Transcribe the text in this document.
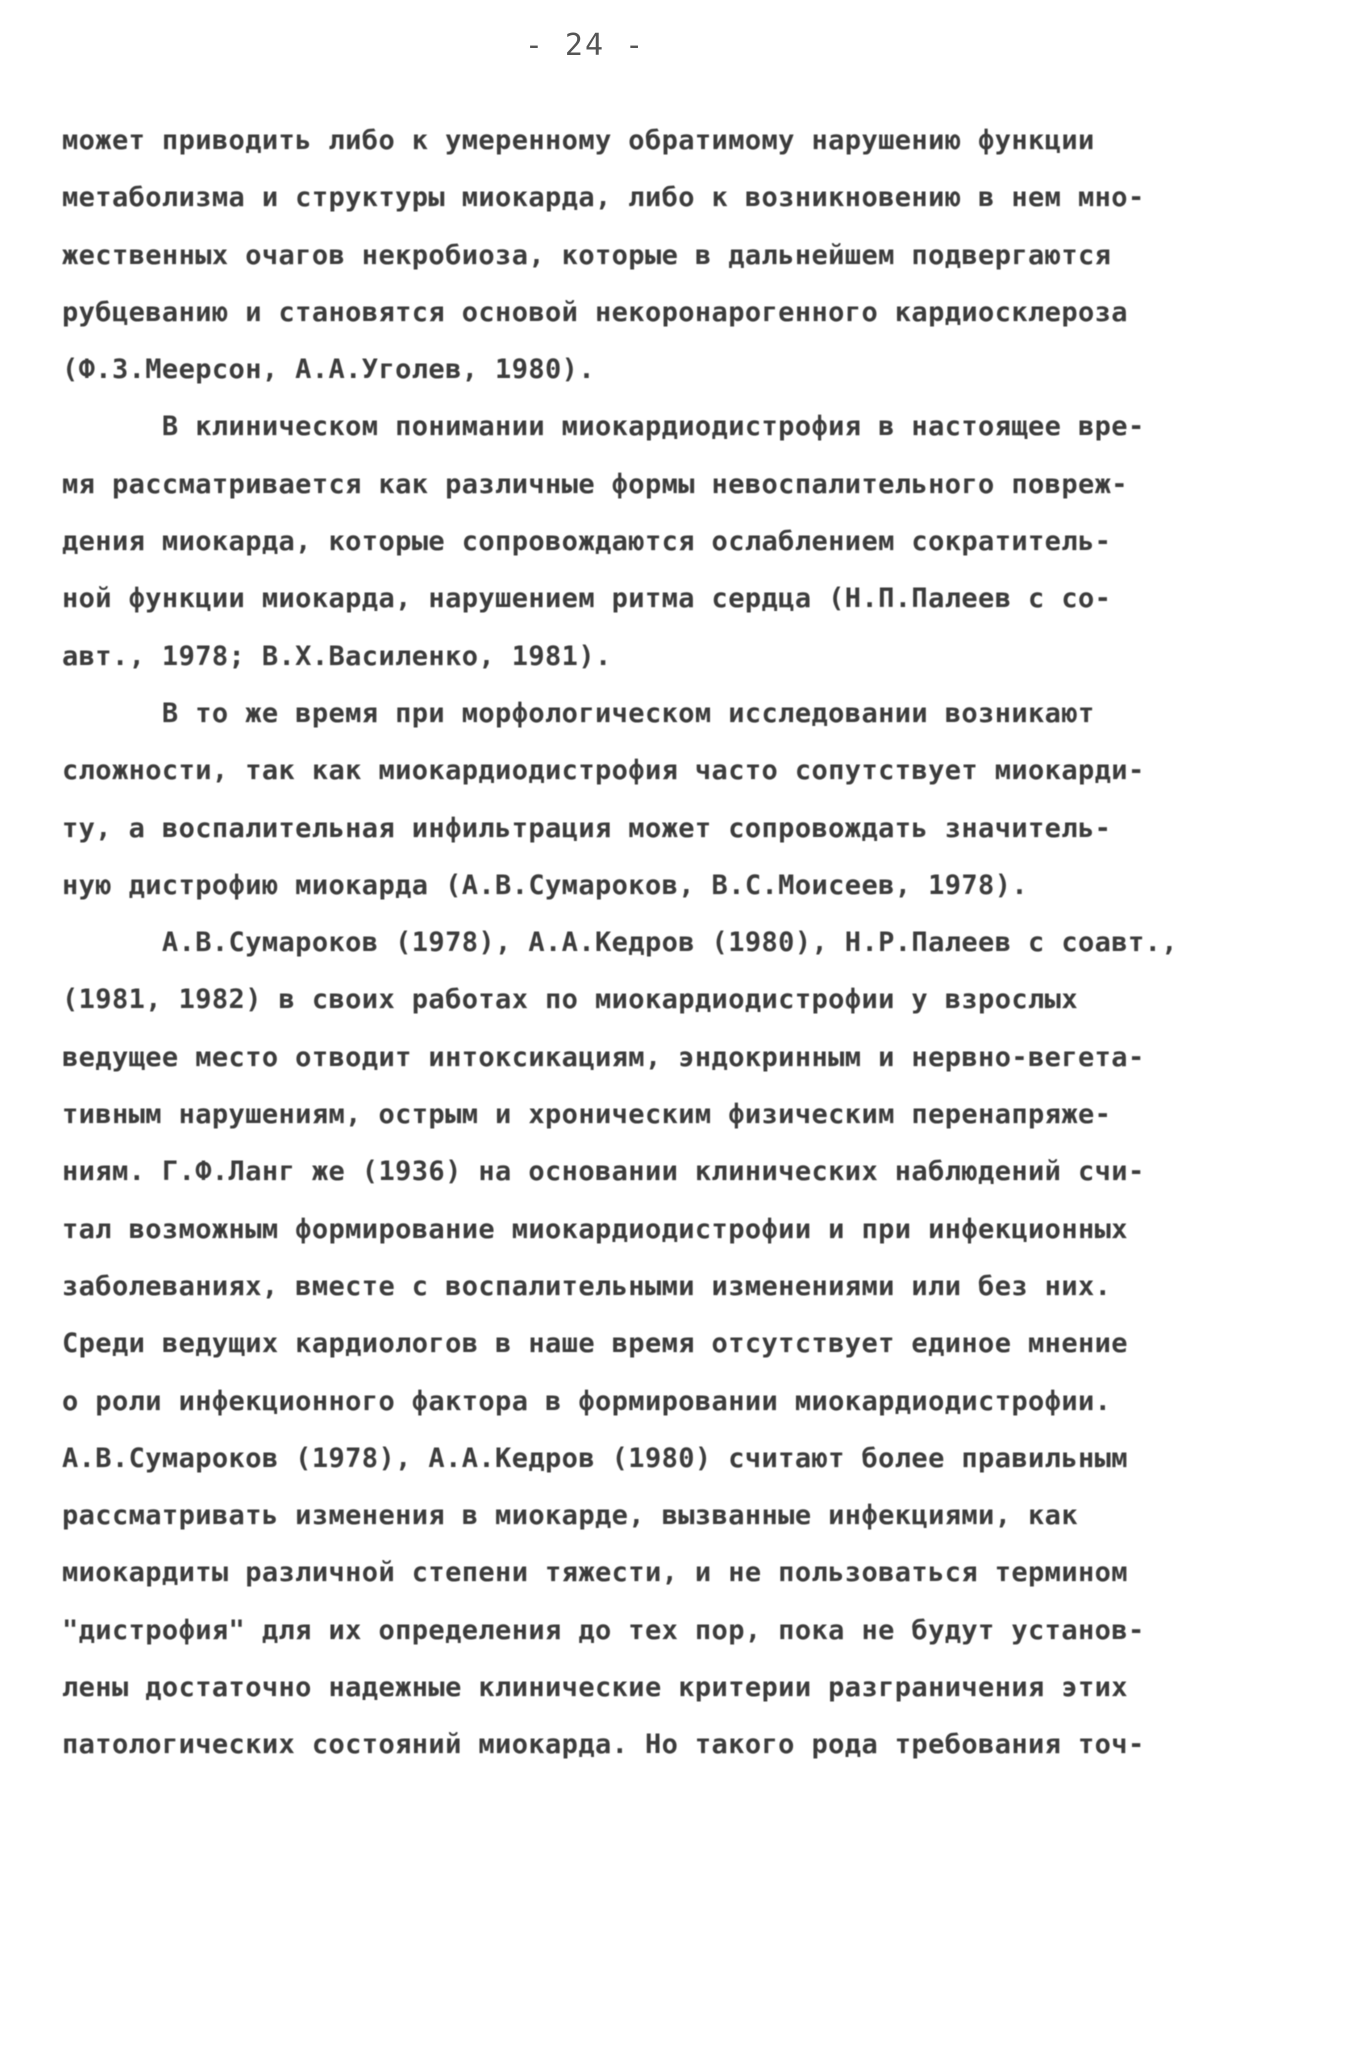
- 24 -
может приводить либо к умеренному обратимому нарушению функции
метаболизма и структуры миокарда, либо к возникновению в нем мно-
жественных очагов некробиоза, которые в дальнейшем подвергаются
рубцеванию и становятся основой некоронарогенного кардиосклероза
(Ф.З.Меерсон, А.А.Уголев, 1980).
В клиническом понимании миокардиодистрофия в настоящее вре-
мя рассматривается как различные формы невоспалительного повреж-
дения миокарда, которые сопровождаются ослаблением сократитель-
ной функции миокарда, нарушением ритма сердца (Н.П.Палеев с со-
авт., 1978; В.Х.Василенко, 1981).
В то же время при морфологическом исследовании возникают
сложности, так как миокардиодистрофия часто сопутствует миокарди-
ту, а воспалительная инфильтрация может сопровождать значитель-
ную дистрофию миокарда (А.В.Сумароков, В.С.Моисеев, 1978).
А.В.Сумароков (1978), А.А.Кедров (1980), Н.Р.Палеев с соавт.,
(1981, 1982) в своих работах по миокардиодистрофии у взрослых
ведущее место отводит интоксикациям, эндокринным и нервно-вегета-
тивным нарушениям, острым и хроническим физическим перенапряже-
ниям. Г.Ф.Ланг же (1936) на основании клинических наблюдений счи-
тал возможным формирование миокардиодистрофии и при инфекционных
заболеваниях, вместе с воспалительными изменениями или без них.
Среди ведущих кардиологов в наше время отсутствует единое мнение
о роли инфекционного фактора в формировании миокардиодистрофии.
А.В.Сумароков (1978), А.А.Кедров (1980) считают более правильным
рассматривать изменения в миокарде, вызванные инфекциями, как
миокардиты различной степени тяжести, и не пользоваться термином
"дистрофия" для их определения до тех пор, пока не будут установ-
лены достаточно надежные клинические критерии разграничения этих
патологических состояний миокарда. Но такого рода требования точ-
